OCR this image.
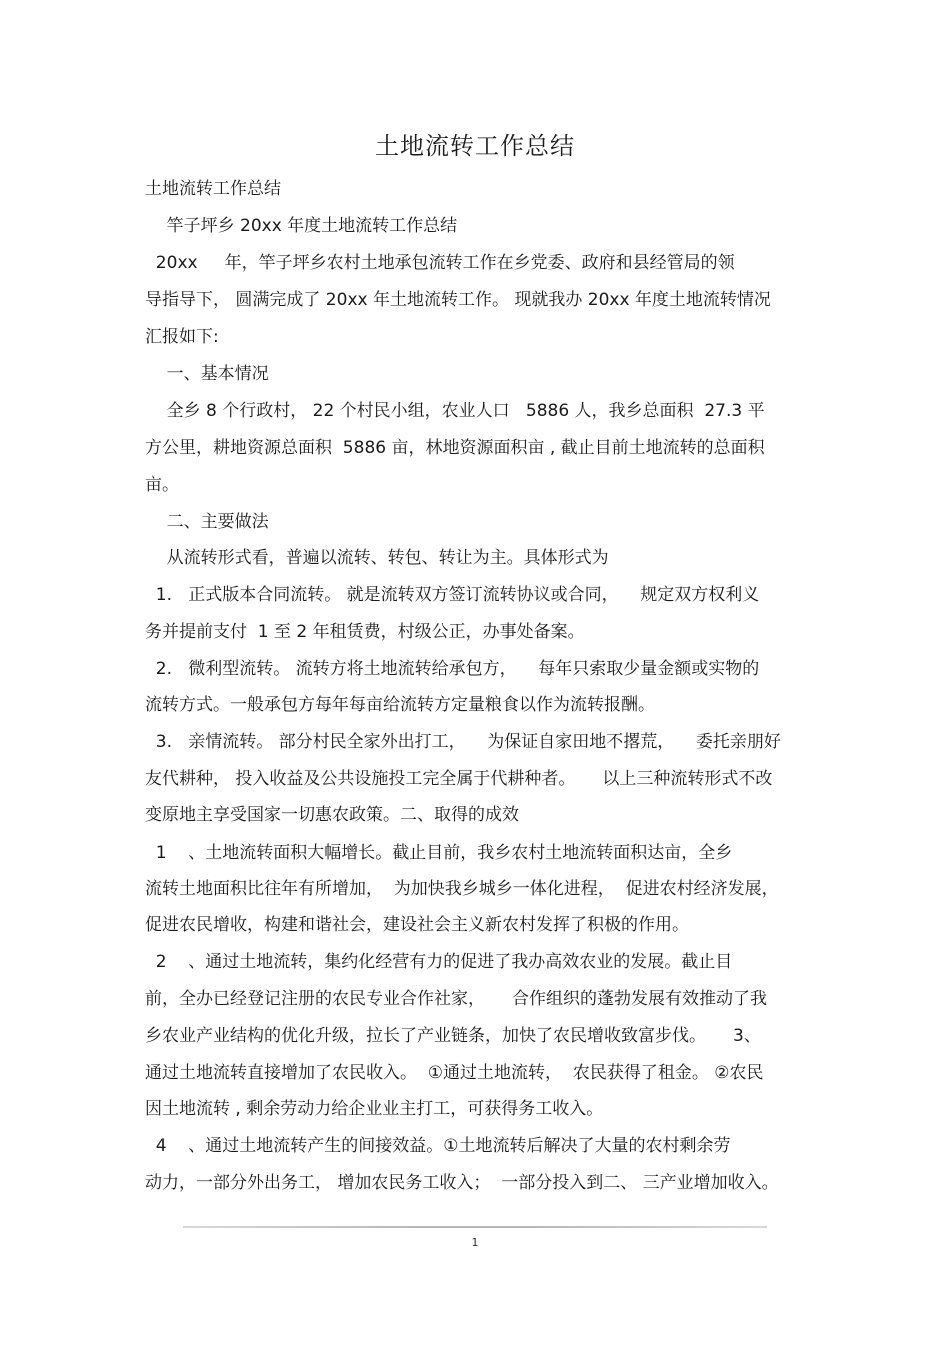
土地流转工作总结

土地流转工作总结

竿子坪乡 20xx 年度土地流转工作总结

20xx     年，竿子坪乡农村土地承包流转工作在乡党委、政府和县经管局的领

导指导下， 圆满完成了 20xx 年土地流转工作。 现就我办 20xx 年度土地流转情况

汇报如下:

一、基本情况

全乡 8 个行政村， 22 个村民小组，农业人口   5886 人，我乡总面积  27.3 平

方公里，耕地资源总面积  5886 亩，林地资源面积亩 , 截止目前土地流转的总面积

亩。

二、主要做法

从流转形式看，普遍以流转、转包、转让为主。具体形式为

1.   正式版本合同流转。 就是流转双方签订流转协议或合同，    规定双方权利义

务并提前支付  1 至 2 年租赁费，村级公正，办事处备案。

2.   微利型流转。 流转方将土地流转给承包方，    每年只索取少量金额或实物的

流转方式。一般承包方每年每亩给流转方定量粮食以作为流转报酬。

3.   亲情流转。 部分村民全家外出打工，    为保证自家田地不撂荒，    委托亲朋好

友代耕种， 投入收益及公共设施投工完全属于代耕种者。     以上三种流转形式不改

变原地主享受国家一切惠农政策。二、取得的成效

1    、土地流转面积大幅增长。截止目前，我乡农村土地流转面积达亩，全乡

流转土地面积比往年有所增加，  为加快我乡城乡一体化进程，  促进农村经济发展，

促进农民增收，构建和谐社会，建设社会主义新农村发挥了积极的作用。

2    、通过土地流转，集约化经营有力的促进了我办高效农业的发展。截止目

前，全办已经登记注册的农民专业合作社家，     合作组织的蓬勃发展有效推动了我

乡农业产业结构的优化升级，拉长了产业链条，加快了农民增收致富步伐。     3、

通过土地流转直接增加了农民收入。  ①通过土地流转，  农民获得了租金。 ②农民

因土地流转 , 剩余劳动力给企业业主打工，可获得务工收入。

4    、通过土地流转产生的间接效益。①土地流转后解决了大量的农村剩余劳

动力，一部分外出务工， 增加农民务工收入；  一部分投入到二、 三产业增加收入。

1
